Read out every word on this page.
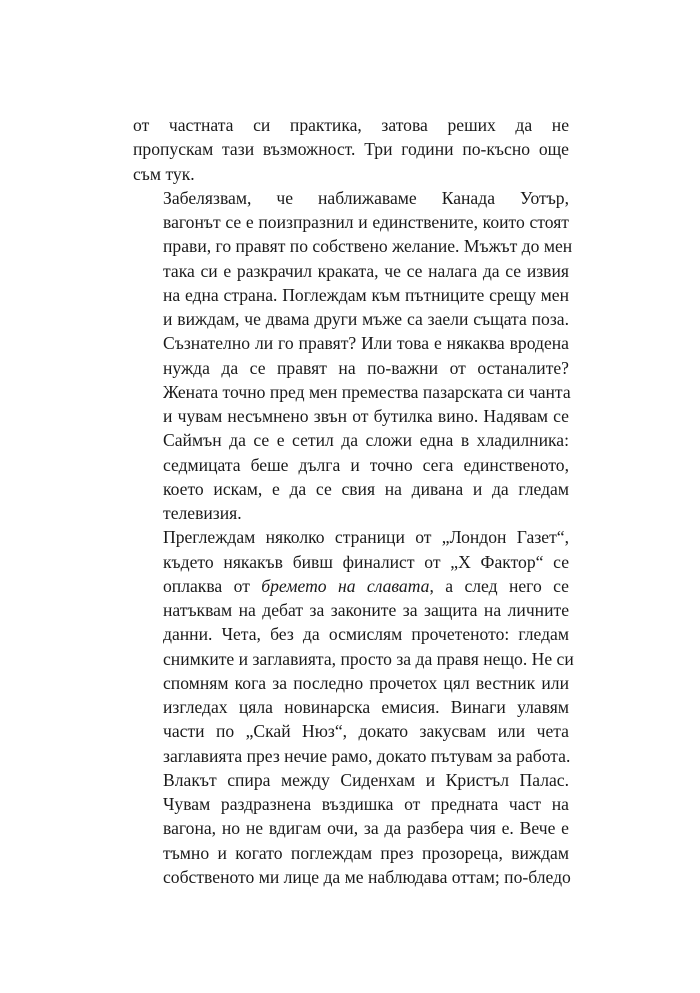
от частната си практика, затова реших да не
пропускам тази възможност. Три години по-късно още
съм тук.

Забелязвам, че наближаваме Канада Уотър,
вагонът се е поизпразнил и единствените, които стоят
прави, го правят по собствено желание. Мъжът до мен
така си е разкрачил краката, че се налага да се извия
на една страна. Поглеждам към пътниците срещу мен
и виждам, че двама други мъже са заели същата поза.
Съзнателно ли го правят? Или това е някаква вродена
нужда да се правят на по-важни от останалите?
Жената точно пред мен премества пазарската си чанта
и чувам несъмнено звън от бутилка вино. Надявам се
Саймън да се е сетил да сложи една в хладилника:
седмицата беше дълга и точно сега единственото,
което искам, е да се свия на дивана и да гледам
телевизия.

Преглеждам няколко страници от „Лондон Газет“,
където някакъв бивш финалист от „Х Фактор“ се
оплаква от бремето на славата, а след него се
натъквам на дебат за законите за защита на личните
данни. Чета, без да осмислям прочетеното: гледам
снимките и заглавията, просто за да правя нещо. Не си
спомням кога за последно прочетох цял вестник или
изгледах цяла новинарска емисия. Винаги улавям
части по „Скай Нюз“, докато закусвам или чета
заглавията през нечие рамо, докато пътувам за работа.

Влакът спира между Сиденхам и Кристъл Палас.
Чувам раздразнена въздишка от предната част на
вагона, но не вдигам очи, за да разбера чия е. Вече е
тъмно и когато поглеждам през прозореца, виждам
собственото ми лице да ме наблюдава оттам; по-бледо
